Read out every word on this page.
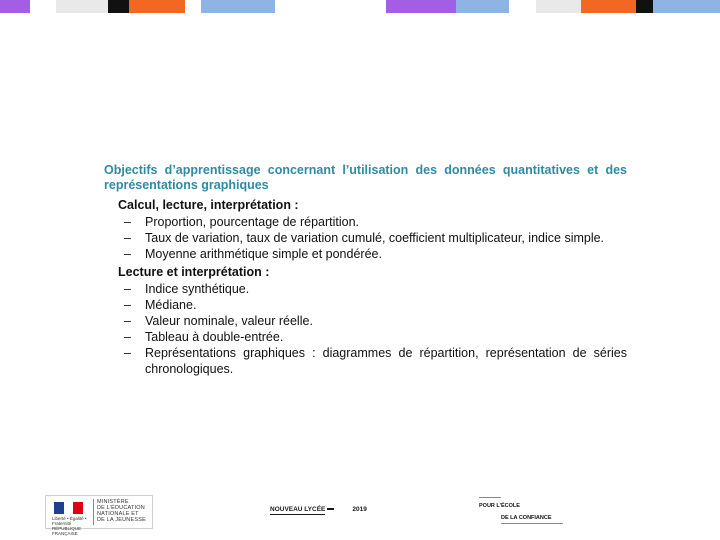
Objectifs d’apprentissage concernant l’utilisation des données quantitatives et des représentations graphiques

Calcul, lecture, interprétation :
– Proportion, pourcentage de répartition.
– Taux de variation, taux de variation cumulé, coefficient multiplicateur, indice simple.
– Moyenne arithmétique simple et pondérée.
Lecture et interprétation :
– Indice synthétique.
– Médiane.
– Valeur nominale, valeur réelle.
– Tableau à double-entrée.
– Représentations graphiques : diagrammes de répartition, représentation de séries chronologiques.
Liberté • Égalité • Fraternité RÉPUBLIQUE FRANÇAISE
MINISTÈRE
DE L’ÉDUCATION
NATIONALE ET
DE LA JEUNESSE
NOUVEAU LYCÉE	2019	POUR L’ÉCOLE
DE LA CONFIANCE
